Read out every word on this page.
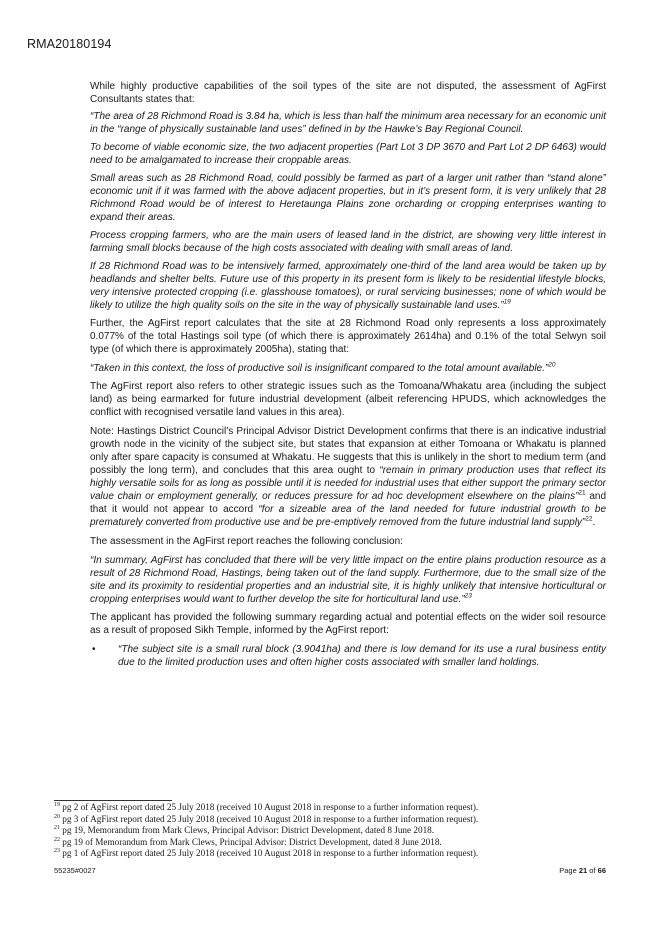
RMA20180194

While highly productive capabilities of the soil types of the site are not disputed, the assessment of AgFirst Consultants states that:

“The area of 28 Richmond Road is 3.84 ha, which is less than half the minimum area necessary for an economic unit in the “range of physically sustainable land uses” defined in by the Hawke’s Bay Regional Council.

To become of viable economic size, the two adjacent properties (Part Lot 3 DP 3670 and Part Lot 2 DP 6463) would need to be amalgamated to increase their croppable areas.

Small areas such as 28 Richmond Road, could possibly be farmed as part of a larger unit rather than “stand alone” economic unit if it was farmed with the above adjacent properties, but in it’s present form, it is very unlikely that 28 Richmond Road would be of interest to Heretaunga Plains zone orcharding or cropping enterprises wanting to expand their areas.

Process cropping farmers, who are the main users of leased land in the district, are showing very little interest in farming small blocks because of the high costs associated with dealing with small areas of land.

If 28 Richmond Road was to be intensively farmed, approximately one-third of the land area would be taken up by headlands and shelter belts. Future use of this property in its present form is likely to be residential lifestyle blocks, very intensive protected cropping (i.e. glasshouse tomatoes), or rural servicing businesses; none of which would be likely to utilize the high quality soils on the site in the way of physically sustainable land uses.”$^{19}$

Further, the AgFirst report calculates that the site at 28 Richmond Road only represents a loss approximately 0.077% of the total Hastings soil type (of which there is approximately 2614ha) and 0.1% of the total Selwyn soil type (of which there is approximately 2005ha), stating that:

“Taken in this context, the loss of productive soil is insignificant compared to the total amount available.”$^{20}$

The AgFirst report also refers to other strategic issues such as the Tomoana/Whakatu area (including the subject land) as being earmarked for future industrial development (albeit referencing HPUDS, which acknowledges the conflict with recognised versatile land values in this area).

Note: Hastings District Council’s Principal Advisor District Development confirms that there is an indicative industrial growth node in the vicinity of the subject site, but states that expansion at either Tomoana or Whakatu is planned only after spare capacity is consumed at Whakatu. He suggests that this is unlikely in the short to medium term (and possibly the long term), and concludes that this area ought to “remain in primary production uses that reflect its highly versatile soils for as long as possible until it is needed for industrial uses that either support the primary sector value chain or employment generally, or reduces pressure for ad hoc development elsewhere on the plains”$^{21}$ and that it would not appear to accord “for a sizeable area of the land needed for future industrial growth to be prematurely converted from productive use and be pre-emptively removed from the future industrial land supply”$^{22}$.

The assessment in the AgFirst report reaches the following conclusion:

“In summary, AgFirst has concluded that there will be very little impact on the entire plains production resource as a result of 28 Richmond Road, Hastings, being taken out of the land supply. Furthermore, due to the small size of the site and its proximity to residential properties and an industrial site, it is highly unlikely that intensive horticultural or cropping enterprises would want to further develop the site for horticultural land use.”$^{23}$

The applicant has provided the following summary regarding actual and potential effects on the wider soil resource as a result of proposed Sikh Temple, informed by the AgFirst report:

• “The subject site is a small rural block (3.9041ha) and there is low demand for its use a rural business entity due to the limited production uses and often higher costs associated with smaller land holdings.
$^{19}$ pg 2 of AgFirst report dated 25 July 2018 (received 10 August 2018 in response to a further information request).
$^{20}$ pg 3 of AgFirst report dated 25 July 2018 (received 10 August 2018 in response to a further information request).
$^{21}$ pg 19, Memorandum from Mark Clews, Principal Advisor: District Development, dated 8 June 2018.
$^{22}$ pg 19 of Memorandum from Mark Clews, Principal Advisor: District Development, dated 8 June 2018.
$^{23}$ pg 1 of AgFirst report dated 25 July 2018 (received 10 August 2018 in response to a further information request).
55235#0027	Page 21 of 66
